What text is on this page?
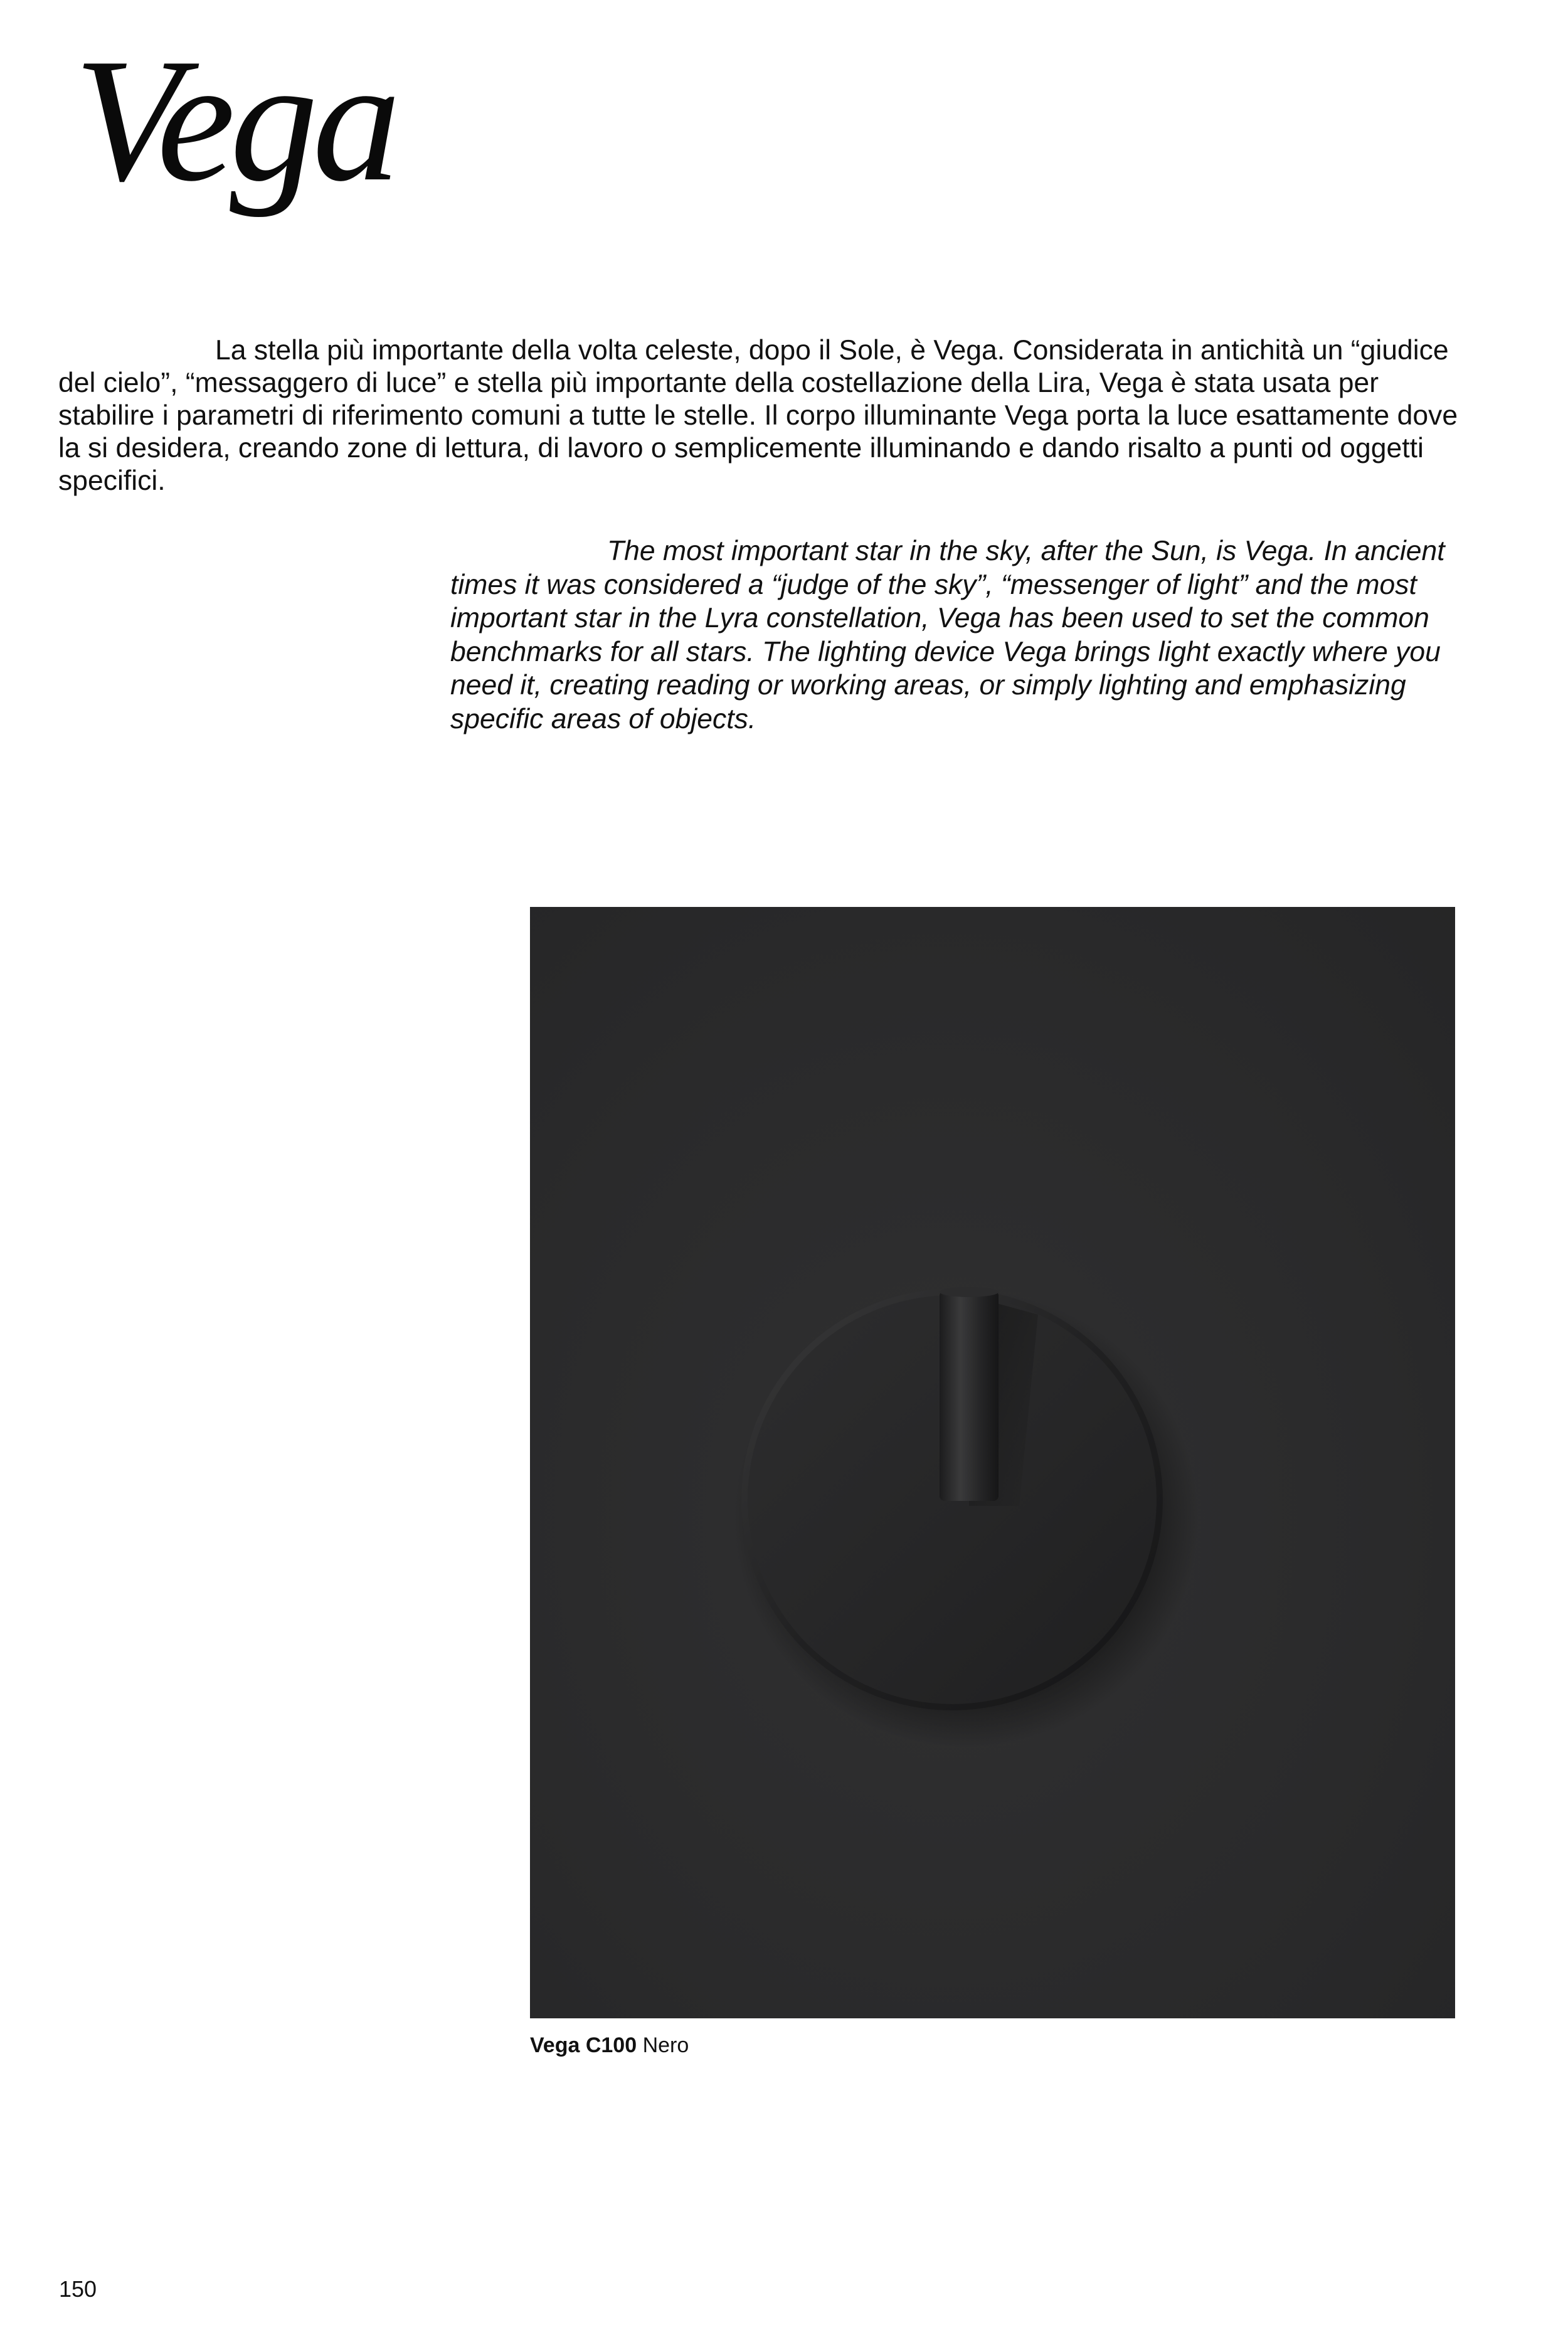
Vega

La stella più importante della volta celeste, dopo il Sole, è Vega. Considerata in antichità un “giudice del cielo”, “messaggero di luce” e stella più importante della costellazione della Lira, Vega è stata usata per stabilire i parametri di riferimento comuni a tutte le stelle. Il corpo illuminante Vega porta la luce esattamente dove la si desidera, creando zone di lettura, di lavoro o semplicemente illuminando e dando risalto a punti od oggetti specifici.

The most important star in the sky, after the Sun, is Vega. In ancient times it was considered a “judge of the sky”, “messenger of light” and the most important star in the Lyra constellation, Vega has been used to set the common benchmarks for all stars. The lighting device Vega brings light exactly where you need it, creating reading or working areas, or simply lighting and emphasizing specific areas of objects.

Vega C100 Nero

150
